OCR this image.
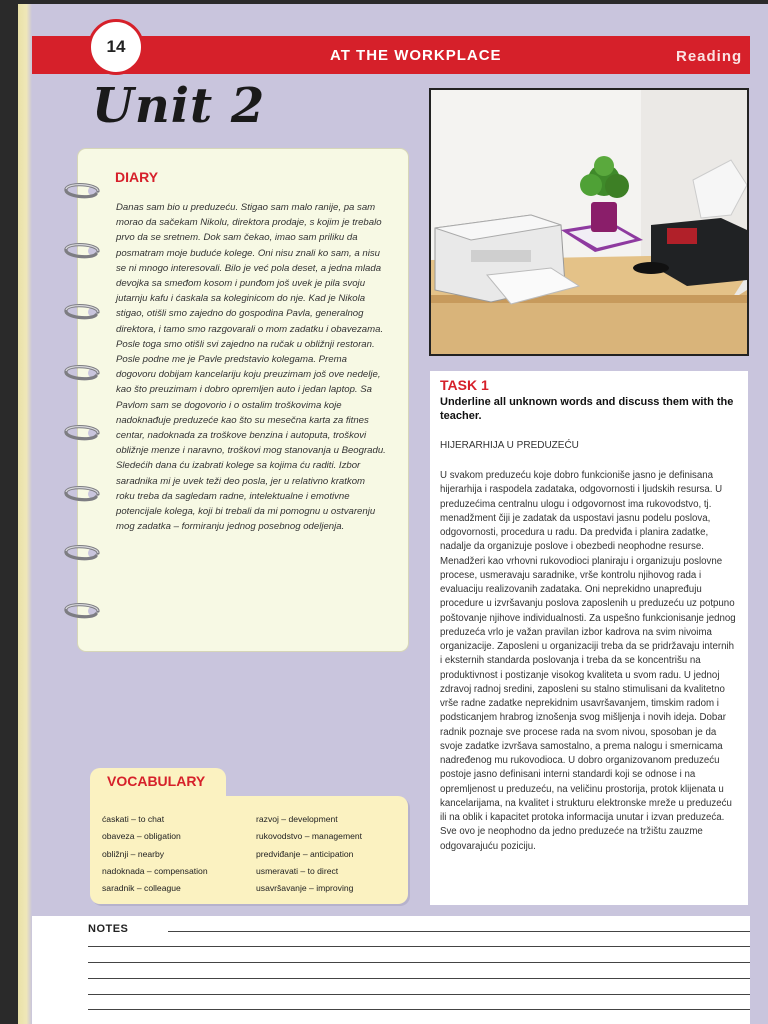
14	AT THE WORKPLACE	Reading
Unit 2
DIARY
Danas sam bio u preduzeću. Stigao sam malo ranije, pa sam morao da sačekam Nikolu, direktora prodaje, s kojim je trebalo prvo da se sretnem. Dok sam čekao, imao sam priliku da posmatram moje buduće kolege. Oni nisu znali ko sam, a nisu se ni mnogo interesovali. Bilo je već pola deset, a jedna mlada devojka sa smeđom kosom i punđom još uvek je pila svoju jutarnju kafu i ćaskala sa koleginicom do nje. Kad je Nikola stigao, otišli smo zajedno do gospodina Pavla, generalnog direktora, i tamo smo razgovarali o mom zadatku i obavezama. Posle toga smo otišli svi zajedno na ručak u obližnji restoran. Posle podne me je Pavle predstavio kolegama. Prema dogovoru dobijam kancelariju koju preuzimam još ove nedelje, kao što preuzimam i dobro opremljen auto i jedan laptop. Sa Pavlom sam se dogovorio i o ostalim troškovima koje nadoknađuje preduzeće kao što su mesečna karta za fitnes centar, nadoknada za troškove benzina i autoputa, troškovi obližnje menze i naravno, troškovi mog stanovanja u Beogradu. Sledećih dana ću izabrati kolege sa kojima ću raditi. Izbor saradnika mi je uvek teži deo posla, jer u relativno kratkom roku treba da sagledam radne, intelektualne i emotivne potencijale kolega, koji bi trebali da mi pomognu u ostvarenju mog zadatka – formiranju jednog posebnog odeljenja.
TASK 1
Underline all unknown words and discuss them with the teacher.
HIJERARHIJA U PREDUZEĆU
U svakom preduzeću koje dobro funkcioniše jasno je definisana hijerarhija i raspodela zadataka, odgovornosti i ljudskih resursa. U preduzećima centralnu ulogu i odgovornost ima rukovodstvo, tj. menadžment čiji je zadatak da uspostavi jasnu podelu poslova, odgovornosti, procedura u radu. Da predviđa i planira zadatke, nadalje da organizuje poslove i obezbedi neophodne resurse. Menadžeri kao vrhovni rukovodioci planiraju i organizuju poslovne procese, usmeravaju saradnike, vrše kontrolu njihovog rada i evaluaciju realizovanih zadataka. Oni neprekidno unapređuju procedure u izvršavanju poslova zaposlenih u preduzeću uz potpuno poštovanje njihove individualnosti. Za uspešno funkcionisanje jednog preduzeća vrlo je važan pravilan izbor kadrova na svim nivoima organizacije. Zaposleni u organizaciji treba da se pridržavaju internih i eksternih standarda poslovanja i treba da se koncentrišu na produktivnost i postizanje visokog kvaliteta u svom radu. U jednoj zdravoj radnoj sredini, zaposleni su stalno stimulisani da kvalitetno vrše radne zadatke neprekidnim usavršavanjem, timskim radom i podsticanjem hrabrog iznošenja svog mišljenja i novih ideja. Dobar radnik poznaje sve procese rada na svom nivou, sposoban je da svoje zadatke izvršava samostalno, a prema nalogu i smernicama nadređenog mu rukovodioca. U dobro organizovanom preduzeću postoje jasno definisani interni standardi koji se odnose i na opremljenost u preduzeću, na veličinu prostorija, protok klijenata u kancelarijama, na kvalitet i strukturu elektronske mreže u preduzeću ili na oblik i kapacitet protoka informacija unutar i izvan preduzeća. Sve ovo je neophodno da jedno preduzeće na tržištu zauzme odgovarajuću poziciju.
VOCABULARY
ćaskati – to chat
obaveza – obligation
obližnji – nearby
nadoknada – compensation
saradnik – colleague
razvoj – development
rukovodstvo – management
predviđanje – anticipation
usmeravati – to direct
usavršavanje – improving
NOTES
